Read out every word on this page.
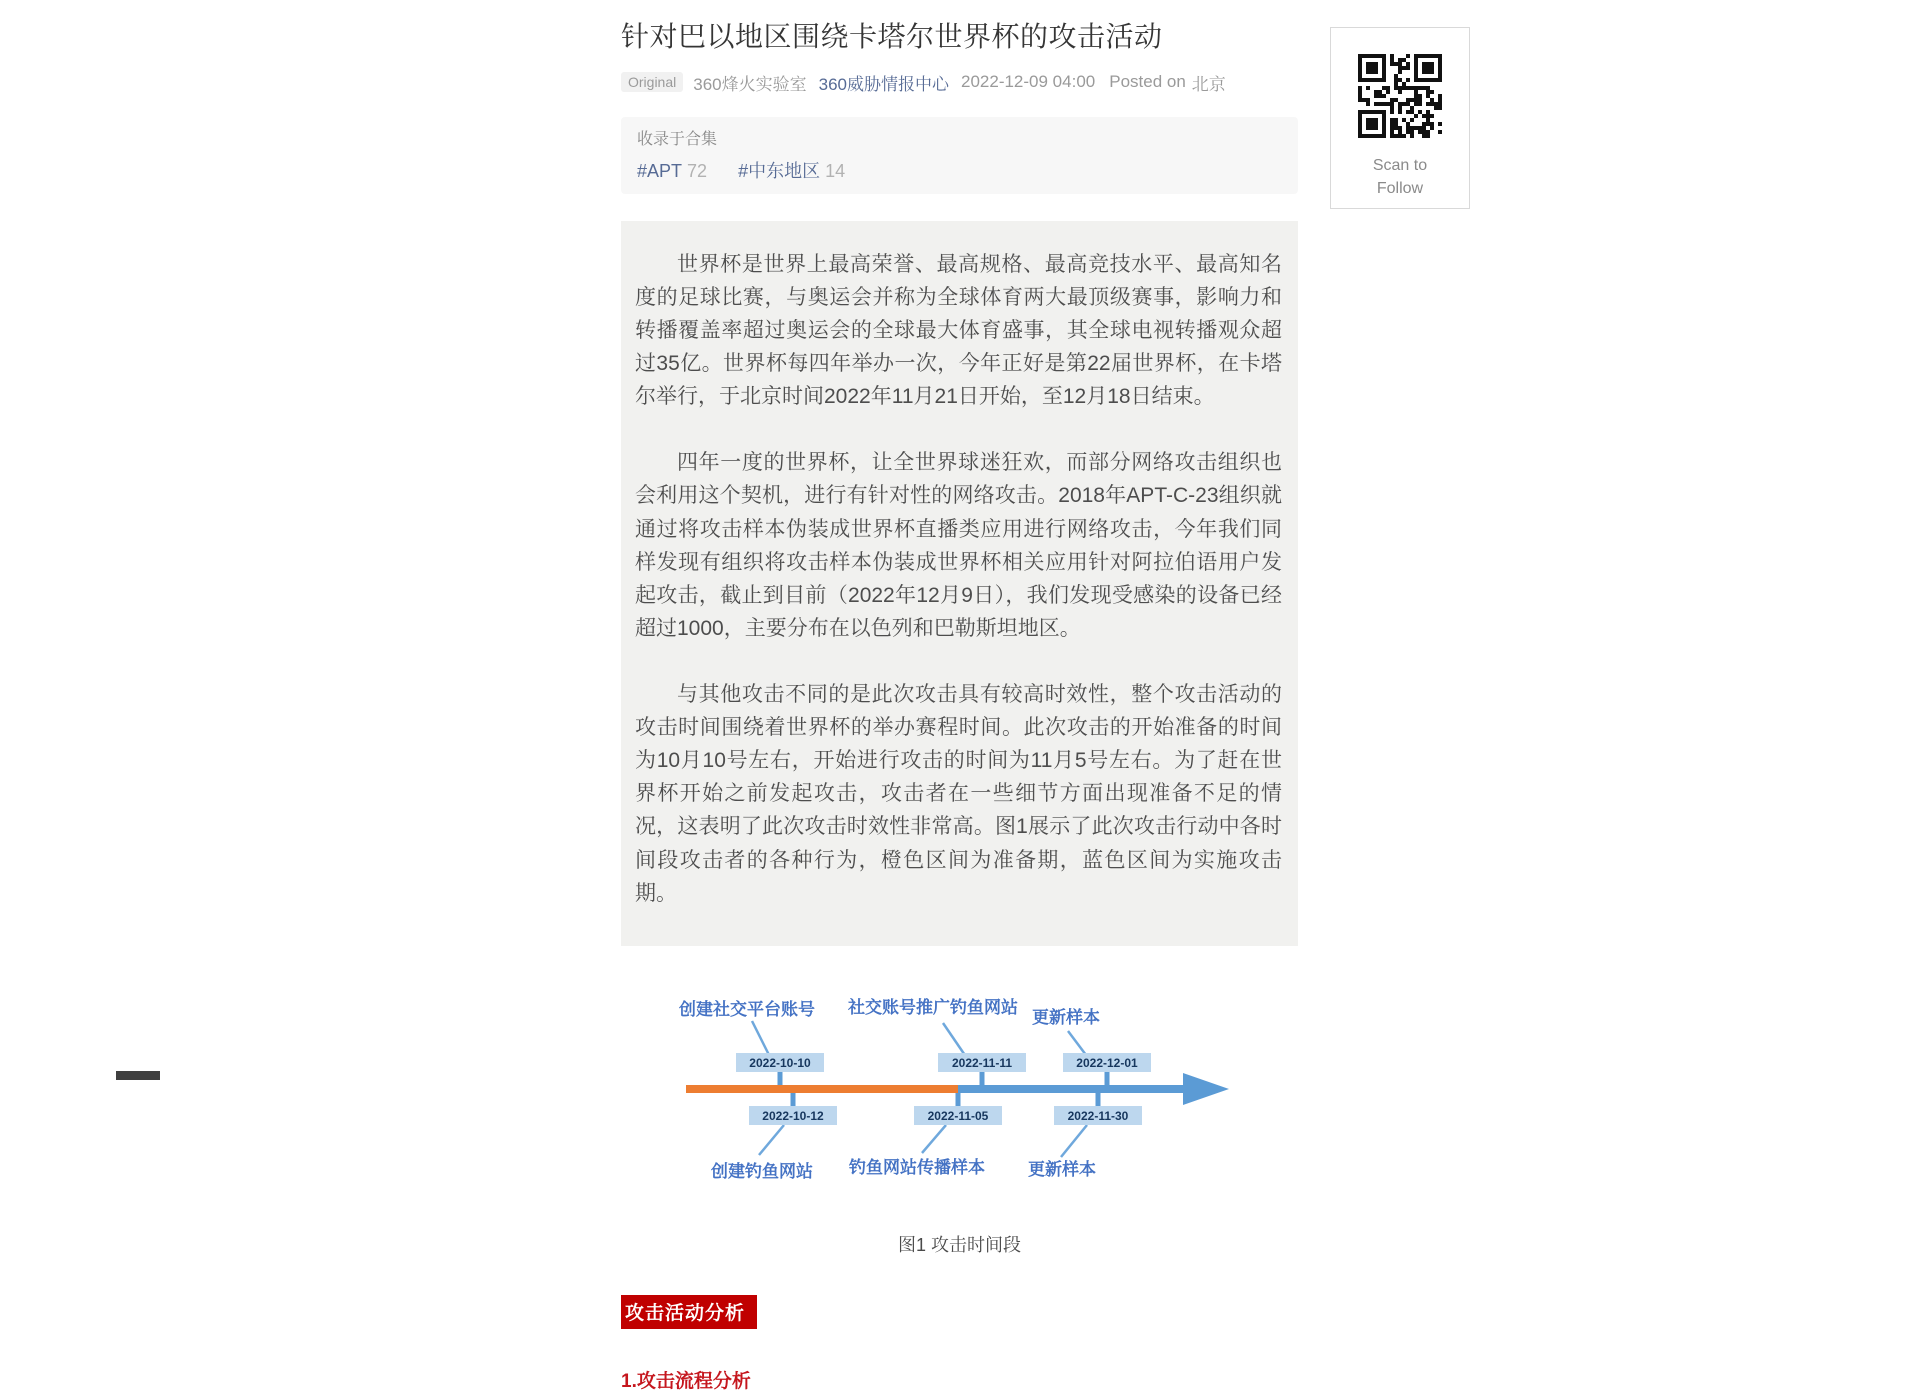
针对巴以地区围绕卡塔尔世界杯的攻击活动
Original	360烽火实验室 360威胁情报中心 2022-12-09 04:00 Posted on 北京
收录于合集
#APT 72 #中东地区 14

世界杯是世界上最高荣誉、最高规格、最高竞技水平、最高知名度的足球比赛，与奥运会并称为全球体育两大最顶级赛事，影响力和转播覆盖率超过奥运会的全球最大体育盛事，其全球电视转播观众超过35亿。世界杯每四年举办一次，今年正好是第22届世界杯，在卡塔尔举行，于北京时间2022年11月21日开始，至12月18日结束。

四年一度的世界杯，让全世界球迷狂欢，而部分网络攻击组织也会利用这个契机，进行有针对性的网络攻击。2018年APT-C-23组织就通过将攻击样本伪装成世界杯直播类应用进行网络攻击，今年我们同样发现有组织将攻击样本伪装成世界杯相关应用针对阿拉伯语用户发起攻击，截止到目前（2022年12月9日），我们发现受感染的设备已经超过1000，主要分布在以色列和巴勒斯坦地区。

与其他攻击不同的是此次攻击具有较高时效性，整个攻击活动的攻击时间围绕着世界杯的举办赛程时间。此次攻击的开始准备的时间为10月10号左右，开始进行攻击的时间为11月5号左右。为了赶在世界杯开始之前发起攻击，攻击者在一些细节方面出现准备不足的情况，这表明了此次攻击时效性非常高。图1展示了此次攻击行动中各时间段攻击者的各种行为，橙色区间为准备期，蓝色区间为实施攻击期。

2022-10-10	2022-11-11	2022-12-01
2022-10-12	2022-11-05	2022-11-30
创建社交平台账号 社交账号推广钓鱼网站
更新样本
创建钓鱼网站 钓鱼网站传播样本	更新样本
图1 攻击时间段
攻击活动分析
1.攻击流程分析
Scan to
Follow
